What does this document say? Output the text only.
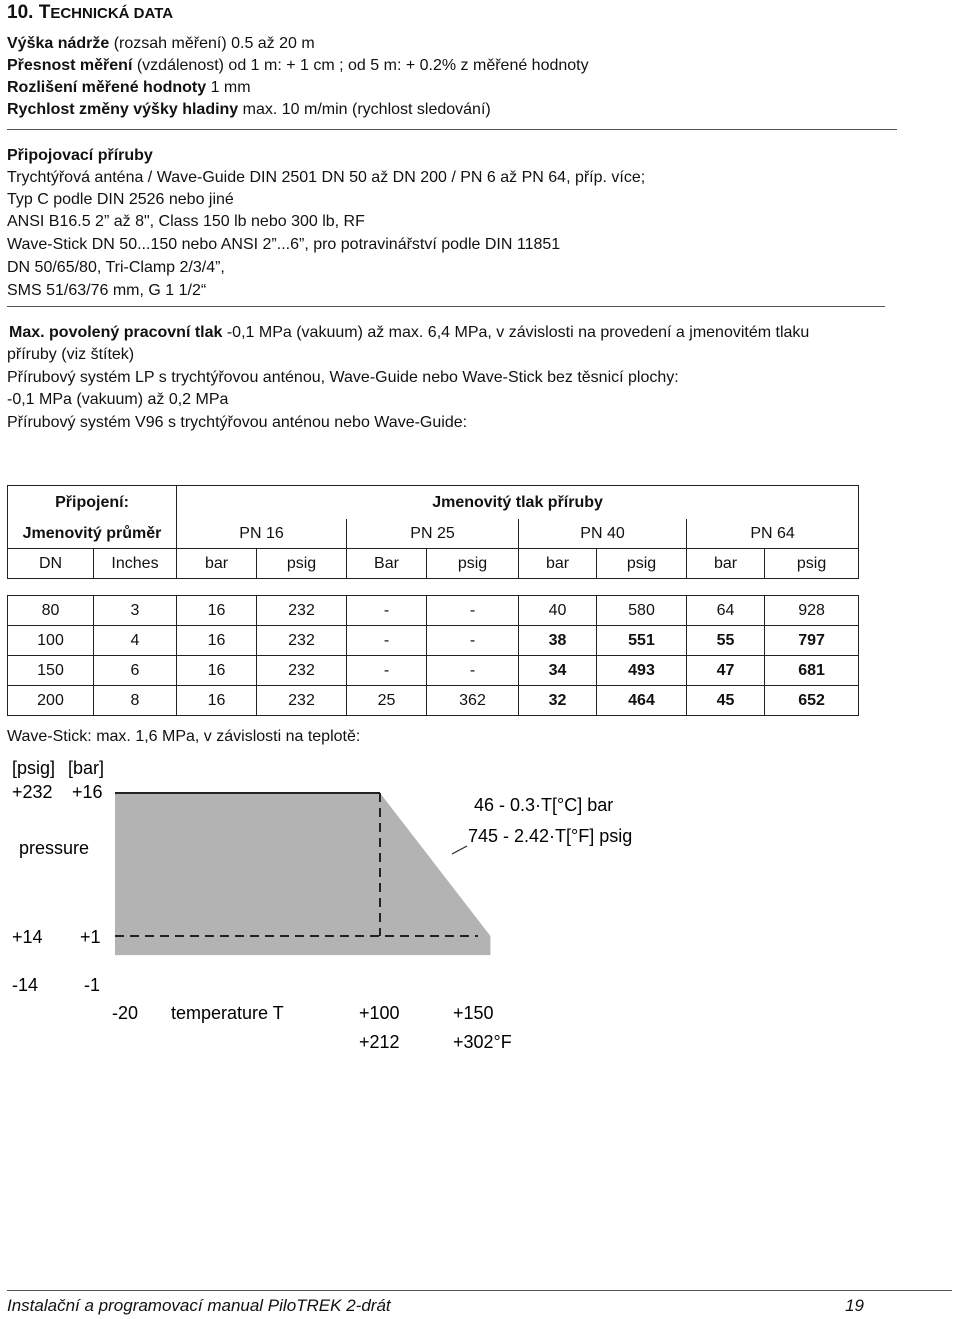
10. TECHNICKÁ DATA
Výška nádrže (rozsah měření) 0.5 až 20 m
Přesnost měření (vzdálenost) od 1 m: + 1 cm ; od 5 m: + 0.2% z měřené hodnoty
Rozlišení měřené hodnoty 1 mm
Rychlost změny výšky hladiny max. 10 m/min (rychlost sledování)
Připojovací příruby
Trychtýřová anténa / Wave-Guide DIN 2501 DN 50 až DN 200 / PN 6 až PN 64, příp. více;
Typ C podle DIN 2526 nebo jiné
ANSI B16.5 2” až 8", Class 150 lb nebo 300 lb, RF
Wave-Stick DN 50...150 nebo ANSI 2”...6”, pro potravinářství podle DIN 11851
DN 50/65/80, Tri-Clamp 2/3/4”,
SMS 51/63/76 mm, G 1 1/2“
Max. povolený pracovní tlak -0,1 MPa (vakuum) až max. 6,4 MPa, v závislosti na provedení a jmenovitém tlaku
příruby (viz štítek)
Přírubový systém LP s trychtýřovou anténou, Wave-Guide nebo Wave-Stick bez těsnicí plochy:
-0,1 MPa (vakuum) až 0,2 MPa
Přírubový systém V96 s trychtýřovou anténou nebo Wave-Guide:
Připojení:		Jmenovitý tlak příruby							
Jmenovitý průměr		PN 16		PN 25		PN 40		PN 64	
DN	Inches	bar	psig	Bar	psig	bar	psig	bar	psig

80	3	16	232	-	-	40	580	64	928
100	4	16	232	-	-	38	551	55	797
150	6	16	232	-	-	34	493	47	681
200	8	16	232	25	362	32	464	45	652
Wave-Stick: max. 1,6 MPa, v závislosti na teplotě:
[psig] [bar]
+232 +16
pressure
+14 +1
-14	-1
-20 temperature T	+100	+150
+212	+302°F
46 - 0.3·T[°C] bar
745 - 2.42·T[°F] psig
Instalační a programovací manual PiloTREK 2-drát	19
